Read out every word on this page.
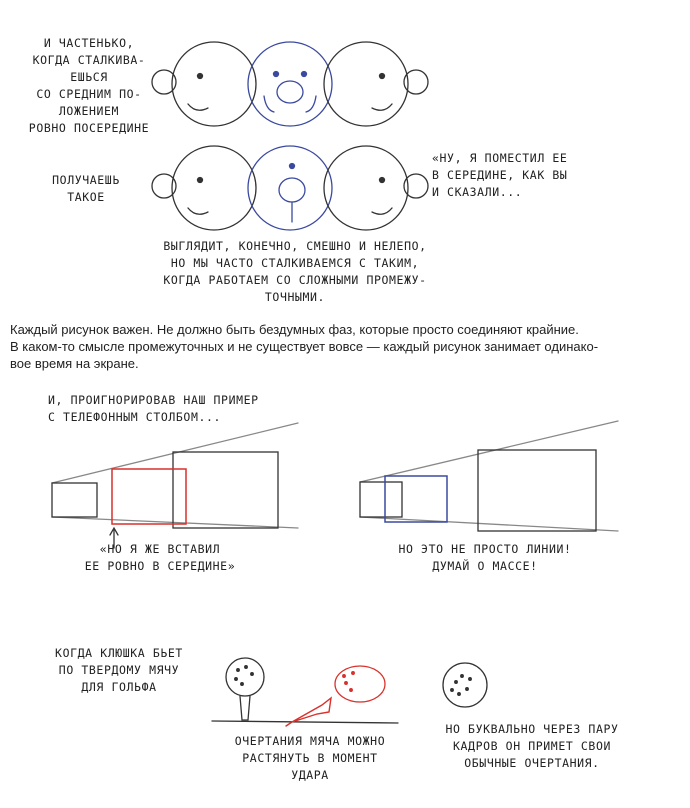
И ЧАСТЕНЬКО,
КОГДА СТАЛКИВА-
ЕШЬСЯ
СО СРЕДНИМ ПО-
ЛОЖЕНИЕМ
РОВНО ПОСЕРЕДИНЕ
ПОЛУЧАЕШЬ
ТАКОЕ
«НУ, Я ПОМЕСТИЛ ЕЕ
В СЕРЕДИНЕ, КАК ВЫ
И СКАЗАЛИ...
ВЫГЛЯДИТ, КОНЕЧНО, СМЕШНО И НЕЛЕПО,
НО МЫ ЧАСТО СТАЛКИВАЕМСЯ С ТАКИМ,
КОГДА РАБОТАЕМ СО СЛОЖНЫМИ ПРОМЕЖУ-
ТОЧНЫМИ.

Каждый рисунок важен. Не должно быть бездумных фаз, которые просто соединяют крайние.
В каком-то смысле промежуточных и не существует вовсе — каждый рисунок занимает одинако-
вое время на экране.

И, ПРОИГНОРИРОВАВ НАШ ПРИМЕР
С ТЕЛЕФОННЫМ СТОЛБОМ...
«НО Я ЖЕ ВСТАВИЛ
ЕЕ РОВНО В СЕРЕДИНЕ»
НО ЭТО НЕ ПРОСТО ЛИНИИ!
ДУМАЙ О МАССЕ!
КОГДА КЛЮШКА БЬЕТ
ПО ТВЕРДОМУ МЯЧУ
ДЛЯ ГОЛЬФА
ОЧЕРТАНИЯ МЯЧА МОЖНО
РАСТЯНУТЬ В МОМЕНТ
УДАРА
НО БУКВАЛЬНО ЧЕРЕЗ ПАРУ
КАДРОВ ОН ПРИМЕТ СВОИ
ОБЫЧНЫЕ ОЧЕРТАНИЯ.
